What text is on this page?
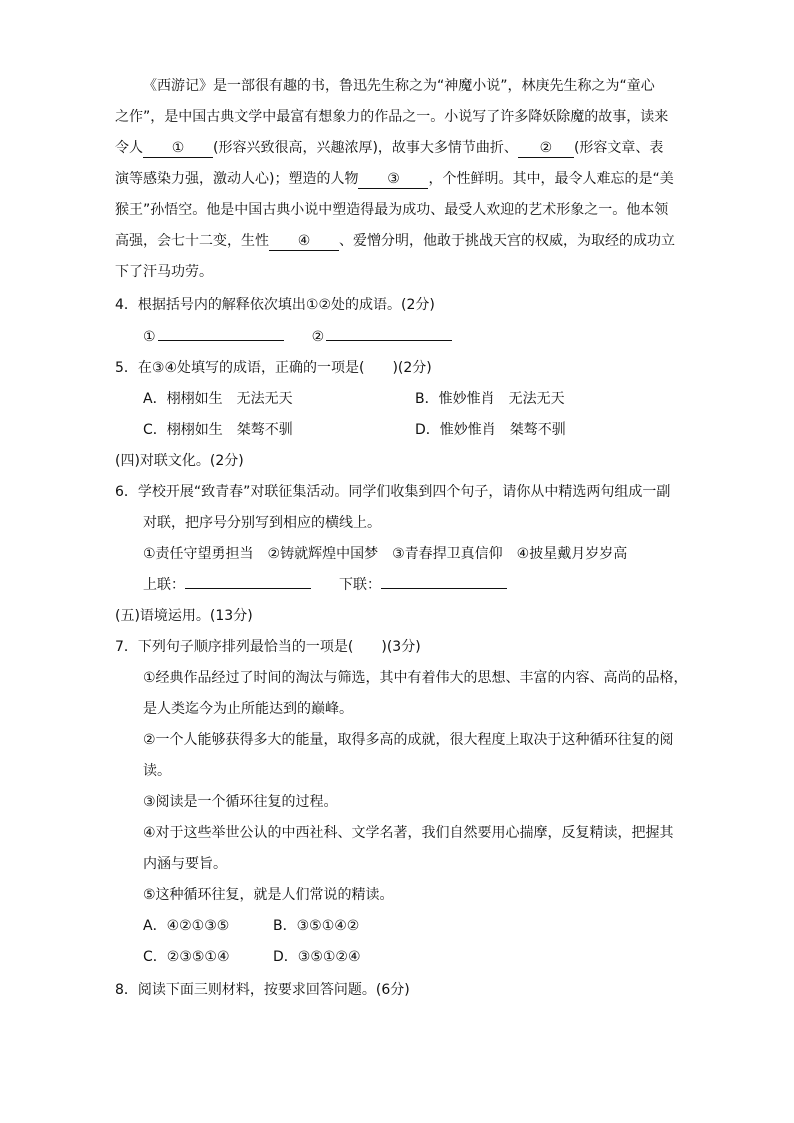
《西游记》是一部很有趣的书，鲁迅先生称之为“神魔小说”，林庚先生称之为“童心
之作”，是中国古典文学中最富有想象力的作品之一。小说写了许多降妖除魔的故事，读来
令人 ① (形容兴致很高，兴趣浓厚)，故事大多情节曲折、 ② (形容文章、表
演等感染力强，激动人心)；塑造的人物 ③ ，个性鲜明。其中，最令人难忘的是“美
猴王”孙悟空。他是中国古典小说中塑造得最为成功、最受人欢迎的艺术形象之一。他本领
高强，会七十二变，生性 ④ 、爱憎分明，他敢于挑战天宫的权威，为取经的成功立
下了汗马功劳。
4．根据括号内的解释依次填出①②处的成语。(2分)
①	②
5．在③④处填写的成语，正确的一项是(　　)(2分)
A．栩栩如生　无法无天	B．惟妙惟肖　无法无天
C．栩栩如生　桀骜不驯	D．惟妙惟肖　桀骜不驯
(四)对联文化。(2分)
6．学校开展“致青春”对联征集活动。同学们收集到四个句子，请你从中精选两句组成一副
对联，把序号分别写到相应的横线上。
①责任守望勇担当　②铸就辉煌中国梦　③青春捍卫真信仰　④披星戴月岁岁高
上联：	下联：
(五)语境运用。(13分)
7．下列句子顺序排列最恰当的一项是(　　)(3分)
①经典作品经过了时间的淘汰与筛选，其中有着伟大的思想、丰富的内容、高尚的品格，
是人类迄今为止所能达到的巅峰。
②一个人能够获得多大的能量，取得多高的成就，很大程度上取决于这种循环往复的阅
读。
③阅读是一个循环往复的过程。
④对于这些举世公认的中西社科、文学名著，我们自然要用心揣摩，反复精读，把握其
内涵与要旨。
⑤这种循环往复，就是人们常说的精读。
A．④②①③⑤	B．③⑤①④②
C．②③⑤①④	D．③⑤①②④
8．阅读下面三则材料，按要求回答问题。(6分)
